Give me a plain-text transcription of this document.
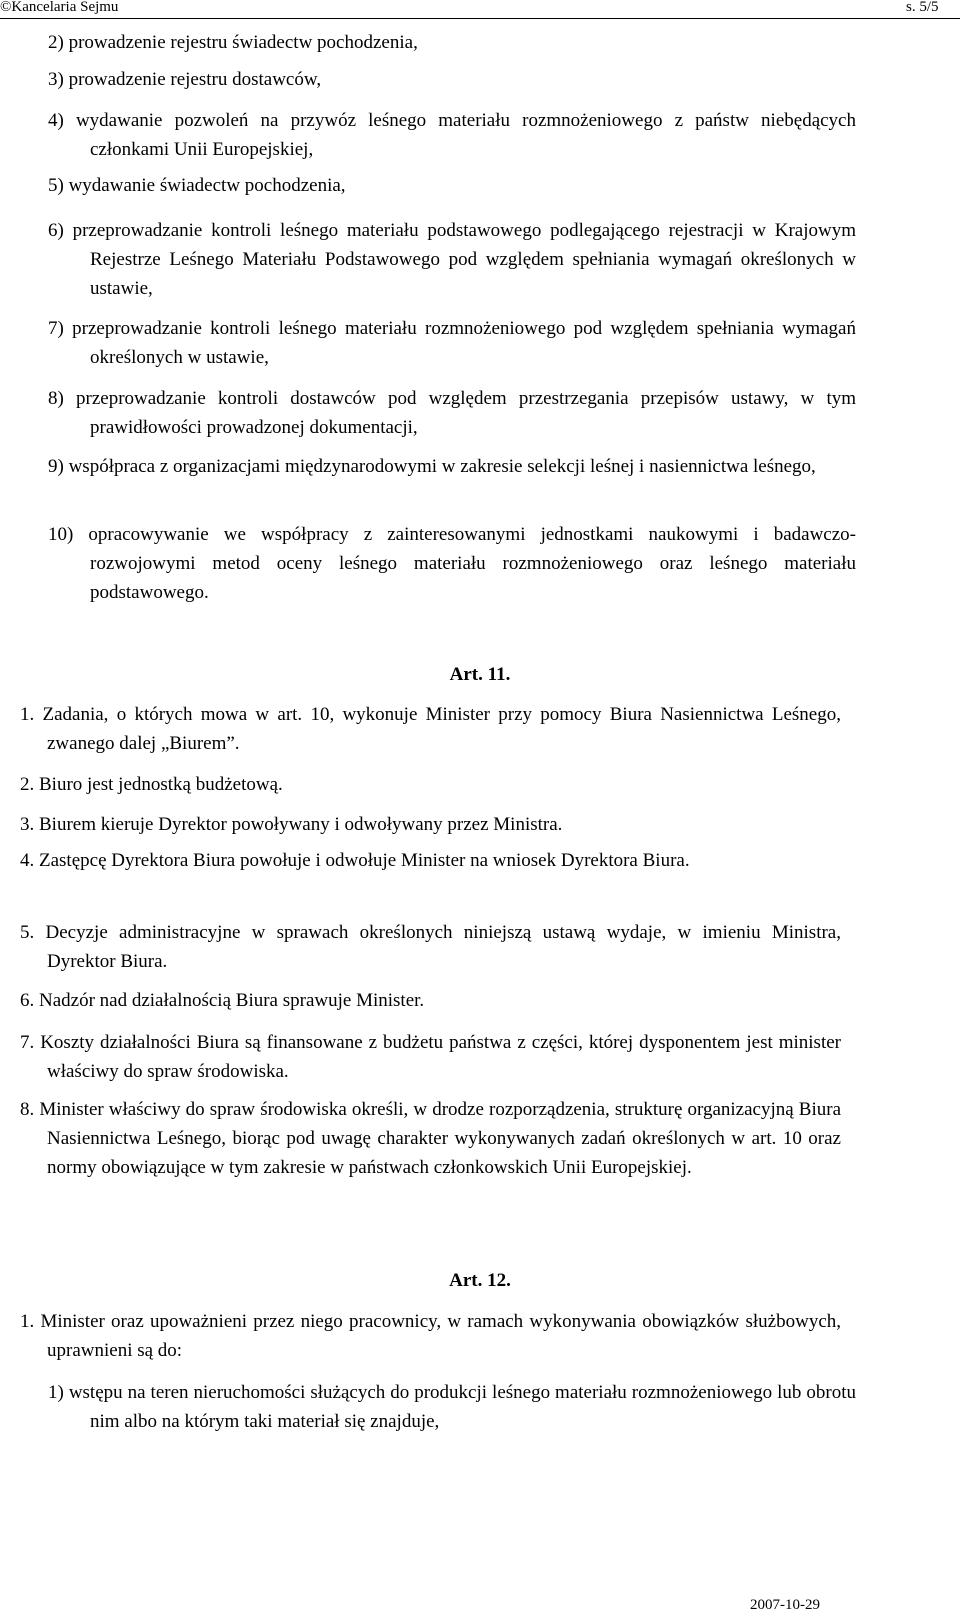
©Kancelaria Sejmu	s. 5/5
2) prowadzenie rejestru świadectw pochodzenia,
3) prowadzenie rejestru dostawców,
4) wydawanie pozwoleń na przywóz leśnego materiału rozmnożeniowego z państw niebędących członkami Unii Europejskiej,
5) wydawanie świadectw pochodzenia,
6) przeprowadzanie kontroli leśnego materiału podstawowego podlegającego rejestracji w Krajowym Rejestrze Leśnego Materiału Podstawowego pod względem spełniania wymagań określonych w ustawie,
7) przeprowadzanie kontroli leśnego materiału rozmnożeniowego pod względem spełniania wymagań określonych w ustawie,
8) przeprowadzanie kontroli dostawców pod względem przestrzegania przepisów ustawy, w tym prawidłowości prowadzonej dokumentacji,
9) współpraca z organizacjami międzynarodowymi w zakresie selekcji leśnej i nasiennictwa leśnego,
10) opracowywanie we współpracy z zainteresowanymi jednostkami naukowymi i badawczo-rozwojowymi metod oceny leśnego materiału rozmnożeniowego oraz leśnego materiału podstawowego.
Art. 11.
1. Zadania, o których mowa w art. 10, wykonuje Minister przy pomocy Biura Nasiennictwa Leśnego, zwanego dalej „Biurem”.
2. Biuro jest jednostką budżetową.
3. Biurem kieruje Dyrektor powoływany i odwoływany przez Ministra.
4. Zastępcę Dyrektora Biura powołuje i odwołuje Minister na wniosek Dyrektora Biura.
5. Decyzje administracyjne w sprawach określonych niniejszą ustawą wydaje, w imieniu Ministra, Dyrektor Biura.
6. Nadzór nad działalnością Biura sprawuje Minister.
7. Koszty działalności Biura są finansowane z budżetu państwa z części, której dysponentem jest minister właściwy do spraw środowiska.
8. Minister właściwy do spraw środowiska określi, w drodze rozporządzenia, strukturę organizacyjną Biura Nasiennictwa Leśnego, biorąc pod uwagę charakter wykonywanych zadań określonych w art. 10 oraz normy obowiązujące w tym zakresie w państwach członkowskich Unii Europejskiej.
Art. 12.
1. Minister oraz upoważnieni przez niego pracownicy, w ramach wykonywania obowiązków służbowych, uprawnieni są do:
1) wstępu na teren nieruchomości służących do produkcji leśnego materiału rozmnożeniowego lub obrotu nim albo na którym taki materiał się znajduje,
2007-10-29
